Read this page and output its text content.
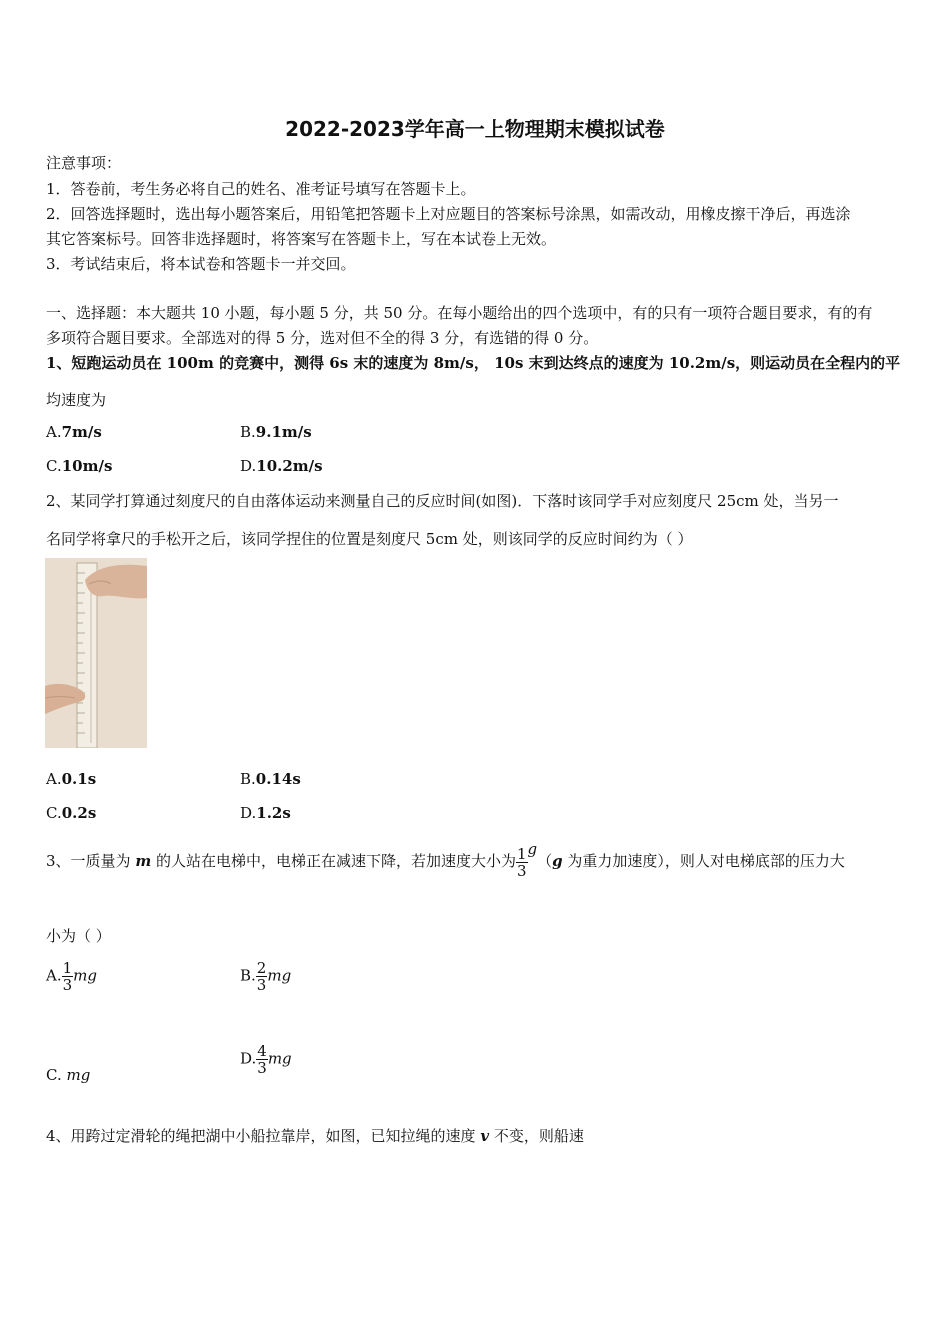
2022-2023学年高一上物理期末模拟试卷
注意事项：
1．答卷前，考生务必将自己的姓名、准考证号填写在答题卡上。
2．回答选择题时，选出每小题答案后，用铅笔把答题卡上对应题目的答案标号涂黑，如需改动，用橡皮擦干净后，再选涂
其它答案标号。回答非选择题时，将答案写在答题卡上，写在本试卷上无效。
3．考试结束后，将本试卷和答题卡一并交回。
一、选择题：本大题共 10 小题，每小题 5 分，共 50 分。在每小题给出的四个选项中，有的只有一项符合题目要求，有的有
多项符合题目要求。全部选对的得 5 分，选对但不全的得 3 分，有选错的得 0 分。
1、短跑运动员在 100m 的竞赛中，测得 6s 末的速度为 8m/s， 10s 末到达终点的速度为 10.2m/s，则运动员在全程内的平
均速度为
A.7m/s	B.9.1m/s
C.10m/s	D.10.2m/s
2、某同学打算通过刻度尺的自由落体运动来测量自己的反应时间(如图)．下落时该同学手对应刻度尺 25cm 处，当另一
名同学将拿尺的手松开之后，该同学捏住的位置是刻度尺 5cm 处，则该同学的反应时间约为（ ）
A.0.1s	B.0.14s
C.0.2s	D.1.2s
3、一质量为 m 的人站在电梯中，电梯正在减速下降，若加速度大小为 $\frac{1}{3} g(g$ 为重力加速度），则人对电梯底部的压力大
小为（ ）
A. $\frac{1}{3}$ mg	B. $\frac{2}{3}$ mg
C. mg
D. $\frac{4}{3}$ mg
4、用跨过定滑轮的绳把湖中小船拉靠岸，如图，已知拉绳的速度 v 不变，则船速
